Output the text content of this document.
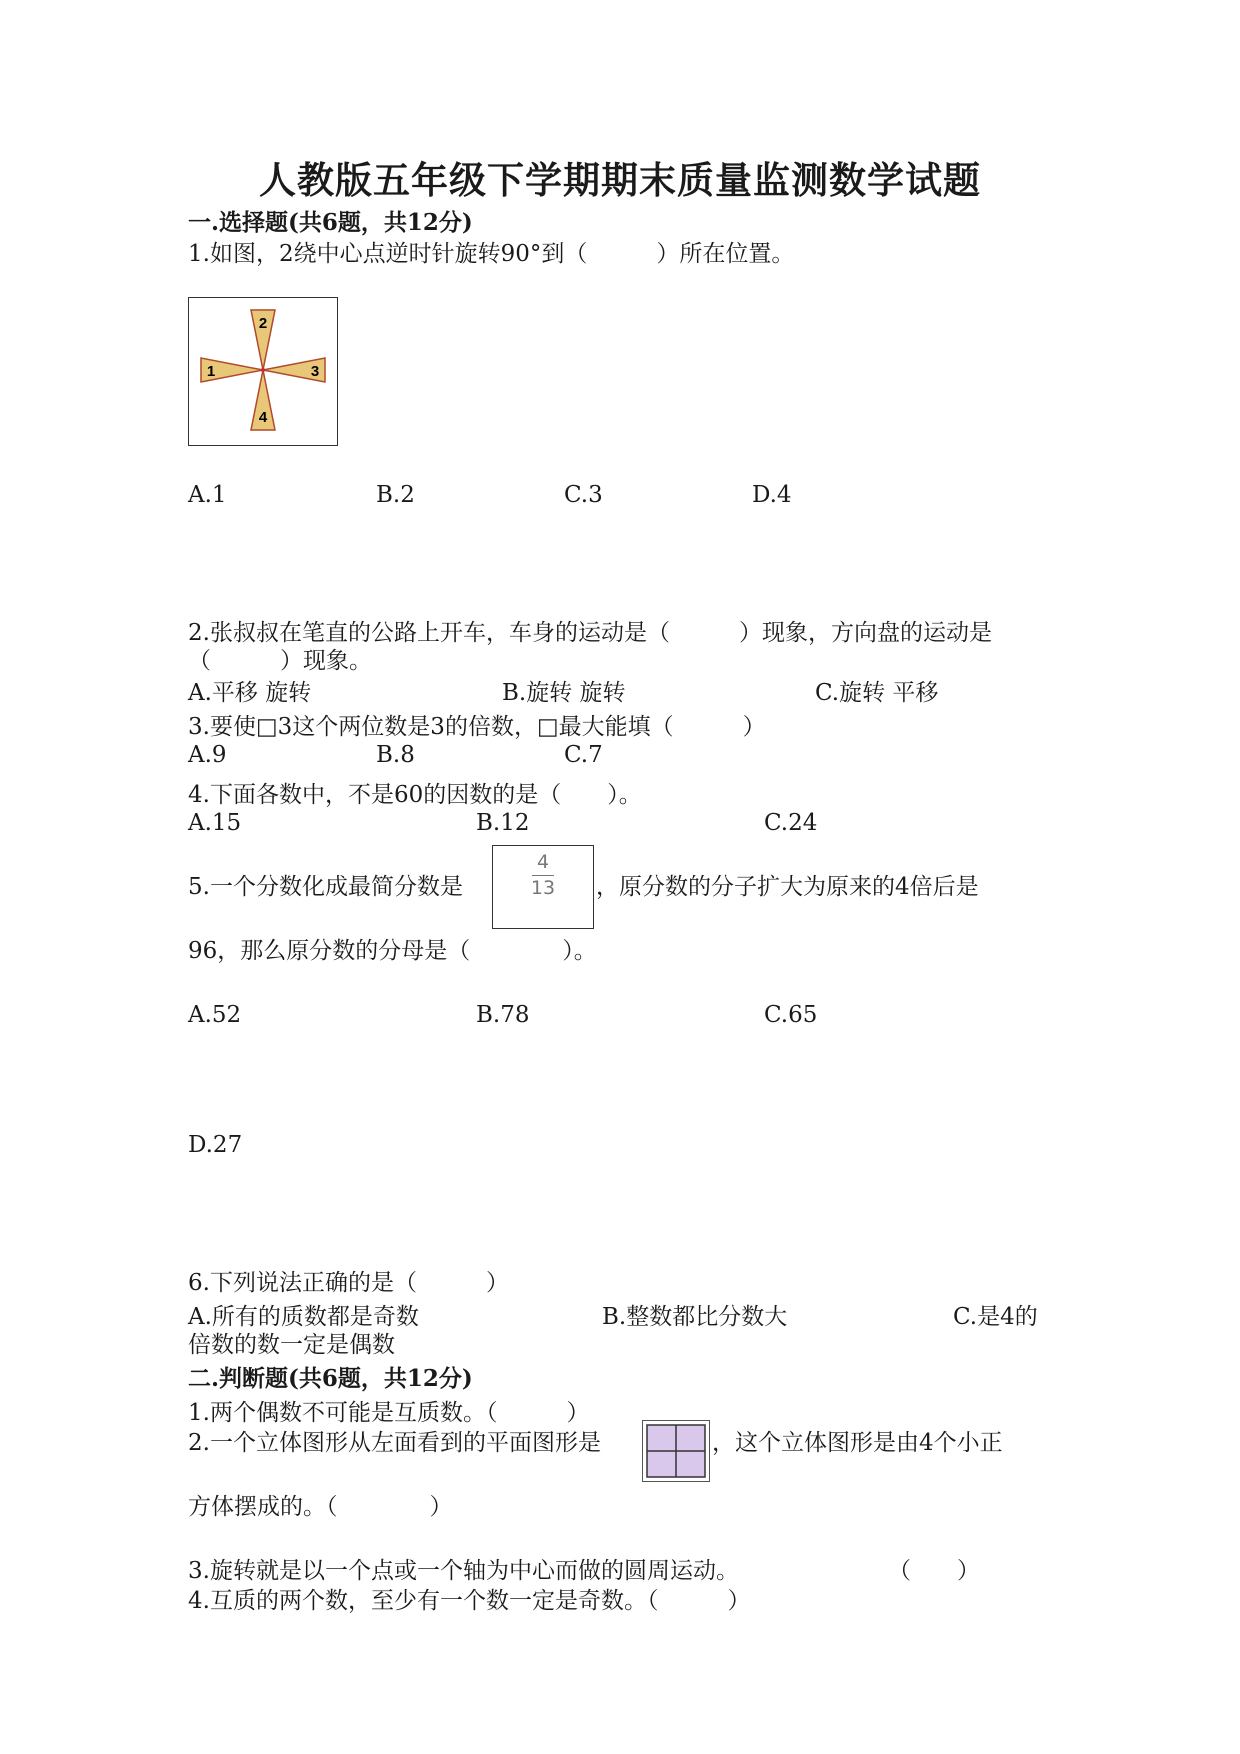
人教版五年级下学期期末质量监测数学试题
一.选择题(共6题，共12分)
1.如图，2绕中心点逆时针旋转90°到（　　　）所在位置。
2
1	3
4
A.1	B.2	C.3	D.4
2.张叔叔在笔直的公路上开车，车身的运动是（　　　）现象，方向盘的运动是
（　　　）现象。
A.平移 旋转	B.旋转 旋转	C.旋转 平移
3.要使□3这个两位数是3的倍数，□最大能填（　　　）
A.9	B.8	C.7
4.下面各数中，不是60的因数的是（　　）。
A.15	B.12	C.24
5.一个分数化成最简分数是
4
13	，原分数的分子扩大为原来的4倍后是
96，那么原分数的分母是（　　　　）。
A.52	B.78	C.65
D.27
6.下列说法正确的是（　　　）
A.所有的质数都是奇数	B.整数都比分数大	C.是4的
倍数的数一定是偶数
二.判断题(共6题，共12分)
1.两个偶数不可能是互质数。（　　　）
2.一个立体图形从左面看到的平面图形是	，这个立体图形是由4个小正
方体摆成的。（　　　　）
3.旋转就是以一个点或一个轴为中心而做的圆周运动。	（　　）
4.互质的两个数，至少有一个数一定是奇数。（　　　）
